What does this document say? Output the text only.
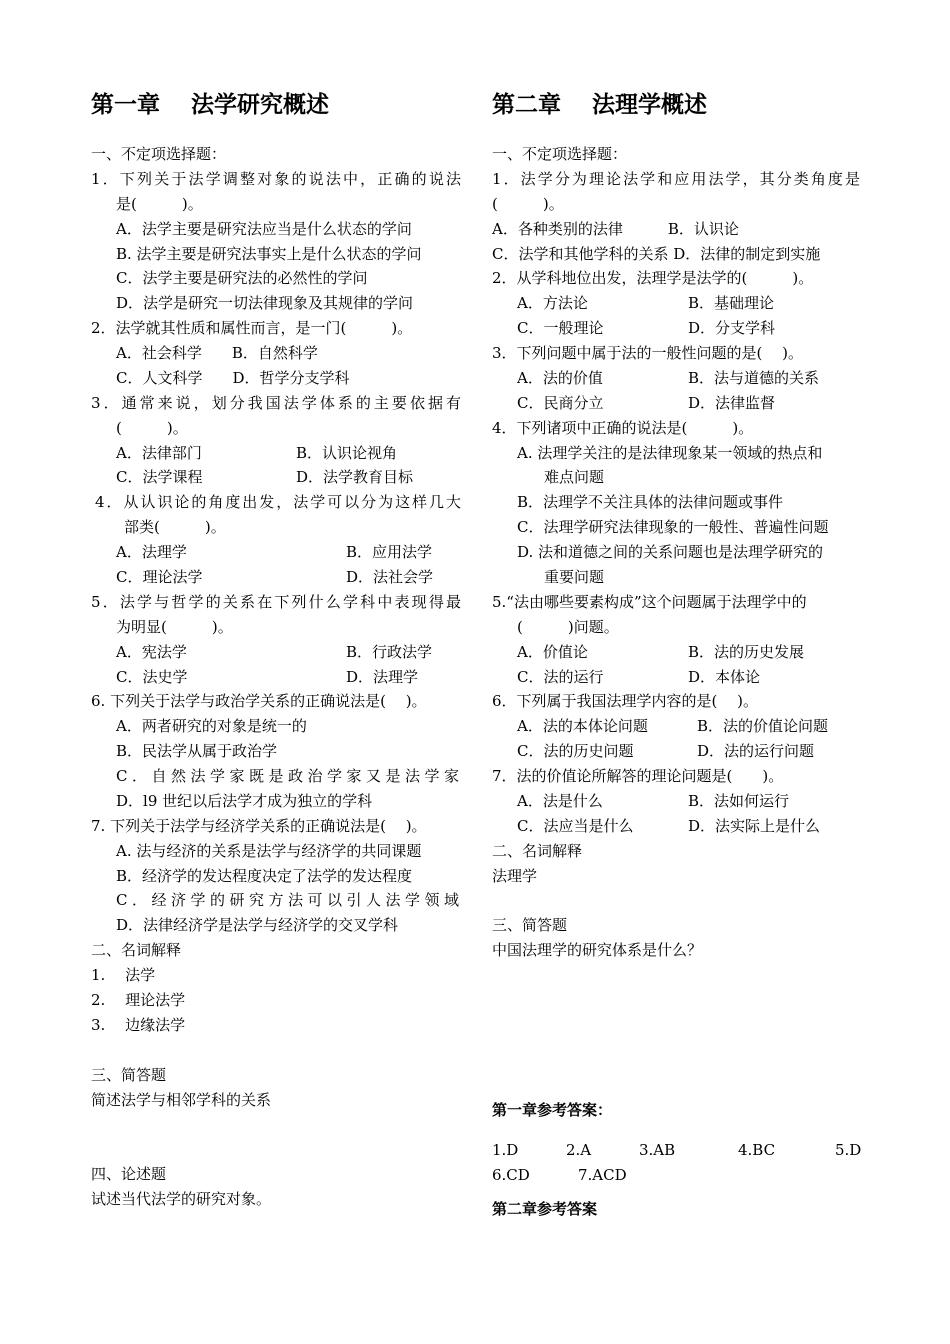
第一章　 法学研究概述
一、不定项选择题：
1．下列关于法学调整对象的说法中，正确的说法
是(　　　)。
A．法学主要是研究法应当是什么状态的学问
B. 法学主要是研究法事实上是什么状态的学问
C．法学主要是研究法的必然性的学问
D．法学是研究一切法律现象及其规律的学问
2．法学就其性质和属性而言，是一门(　　　)。
A．社会科学　　B．自然科学
C．人文科学　　D．哲学分支学科
3．通常来说，划分我国法学体系的主要依据有
(　　　)。
A．法律部门	B．认识论视角
C．法学课程	D．法学教育目标
4．从认识论的角度出发，法学可以分为这样几大
部类(　　　)。
A．法理学	B．应用法学
C．理论法学	D．法社会学
5．法学与哲学的关系在下列什么学科中表现得最
为明显(　　　)。
A．宪法学	B．行政法学
C．法史学	D．法理学
6. 下列关于法学与政治学关系的正确说法是(　 )。
A．两者研究的对象是统一的
B．民法学从属于政治学
C．自然法学家既是政治学家又是法学家
D．l9 世纪以后法学才成为独立的学科
7. 下列关于法学与经济学关系的正确说法是(　 )。
A. 法与经济的关系是法学与经济学的共同课题
B．经济学的发达程度决定了法学的发达程度
C．经济学的研究方法可以引人法学领域
D．法律经济学是法学与经济学的交叉学科
二、名词解释
1.　 法学
2.　 理论法学
3.　 边缘法学
三、简答题
简述法学与相邻学科的关系
四、论述题
试述当代法学的研究对象。
第二章　 法理学概述
一、不定项选择题：
1．法学分为理论法学和应用法学，其分类角度是
(　　　)。
A．各种类别的法律　　　B．认识论
C．法学和其他学科的关系 D．法律的制定到实施
2．从学科地位出发，法理学是法学的(　　　)。
A．方法论	B．基础理论
C．一般理论	D．分支学科
3．下列问题中属于法的一般性问题的是(　 )。
A．法的价值	B．法与道德的关系
C．民商分立	D．法律监督
4．下列诸项中正确的说法是(　　　)。
A. 法理学关注的是法律现象某一领域的热点和
难点问题
B．法理学不关注具体的法律问题或事件
C．法理学研究法律现象的一般性、普遍性问题
D. 法和道德之间的关系问题也是法理学研究的
重要问题
5.“法由哪些要素构成”这个问题属于法理学中的
(　　　)问题。
A．价值论	B．法的历史发展
C．法的运行	D．本体论
6．下列属于我国法理学内容的是(　 )。
A．法的本体论问题	B．法的价值论问题
C．法的历史问题	D．法的运行问题
7．法的价值论所解答的理论问题是(　　)。
A．法是什么	B．法如何运行
C．法应当是什么	D．法实际上是什么
二、名词解释
法理学
三、简答题
中国法理学的研究体系是什么？
第一章参考答案：
1.D	2.A	3.AB	4.BC	5.D
6.CD	7.ACD
第二章参考答案
